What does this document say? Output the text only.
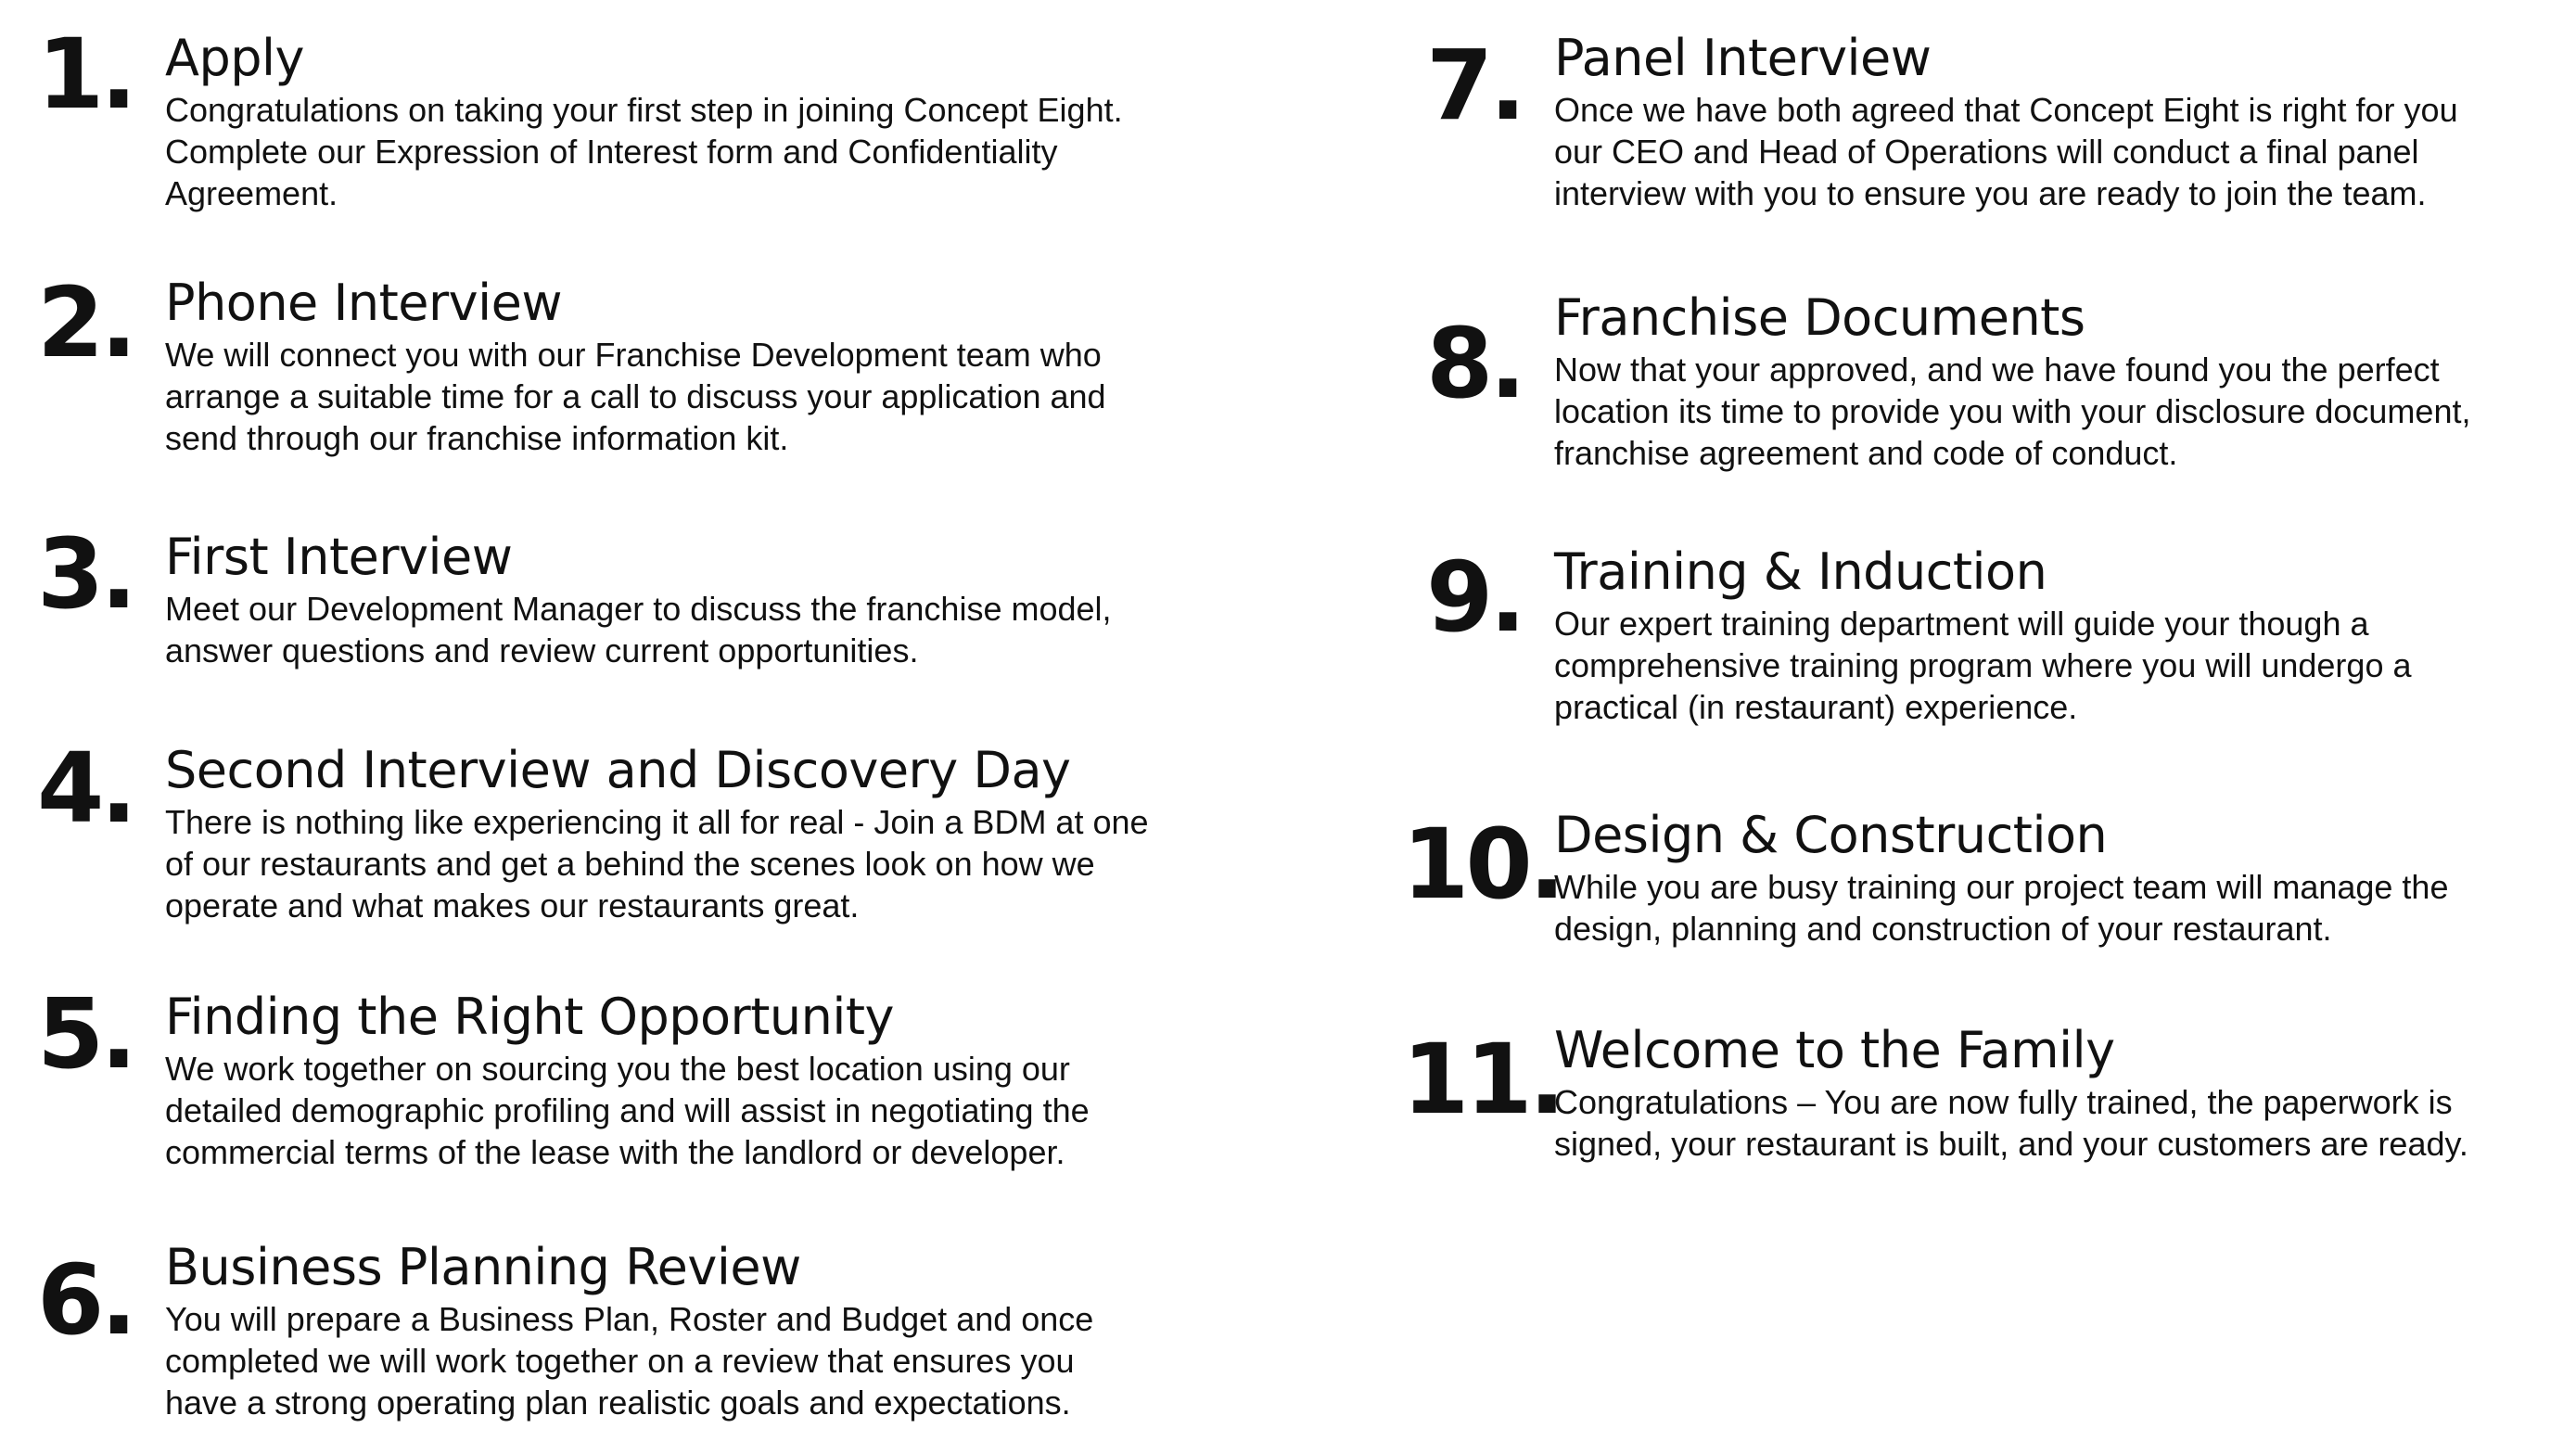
1. Apply
Congratulations on taking your first step in joining Concept Eight.
Complete our Expression of Interest form and Confidentiality
Agreement.
2. Phone Interview
We will connect you with our Franchise Development team who
arrange a suitable time for a call to discuss your application and
send through our franchise information kit.
3. First Interview
Meet our Development Manager to discuss the franchise model,
answer questions and review current opportunities.
4. Second Interview and Discovery Day
There is nothing like experiencing it all for real - Join a BDM at one
of our restaurants and get a behind the scenes look on how we
operate and what makes our restaurants great.
5. Finding the Right Opportunity
We work together on sourcing you the best location using our
detailed demographic profiling and will assist in negotiating the
commercial terms of the lease with the landlord or developer.
6. Business Planning Review
You will prepare a Business Plan, Roster and Budget and once
completed we will work together on a review that ensures you
have a strong operating plan realistic goals and expectations.
7. Panel Interview
Once we have both agreed that Concept Eight is right for you
our CEO and Head of Operations will conduct a final panel
interview with you to ensure you are ready to join the team.
8. Franchise Documents
Now that your approved, and we have found you the perfect
location its time to provide you with your disclosure document,
franchise agreement and code of conduct.
9. Training & Induction
Our expert training department will guide your though a
comprehensive training program where you will undergo a
practical (in restaurant) experience.
10.
Design & Construction
While you are busy training our project team will manage the
design, planning and construction of your restaurant.
11.
Welcome to the Family
Congratulations – You are now fully trained, the paperwork is
signed, your restaurant is built, and your customers are ready.
